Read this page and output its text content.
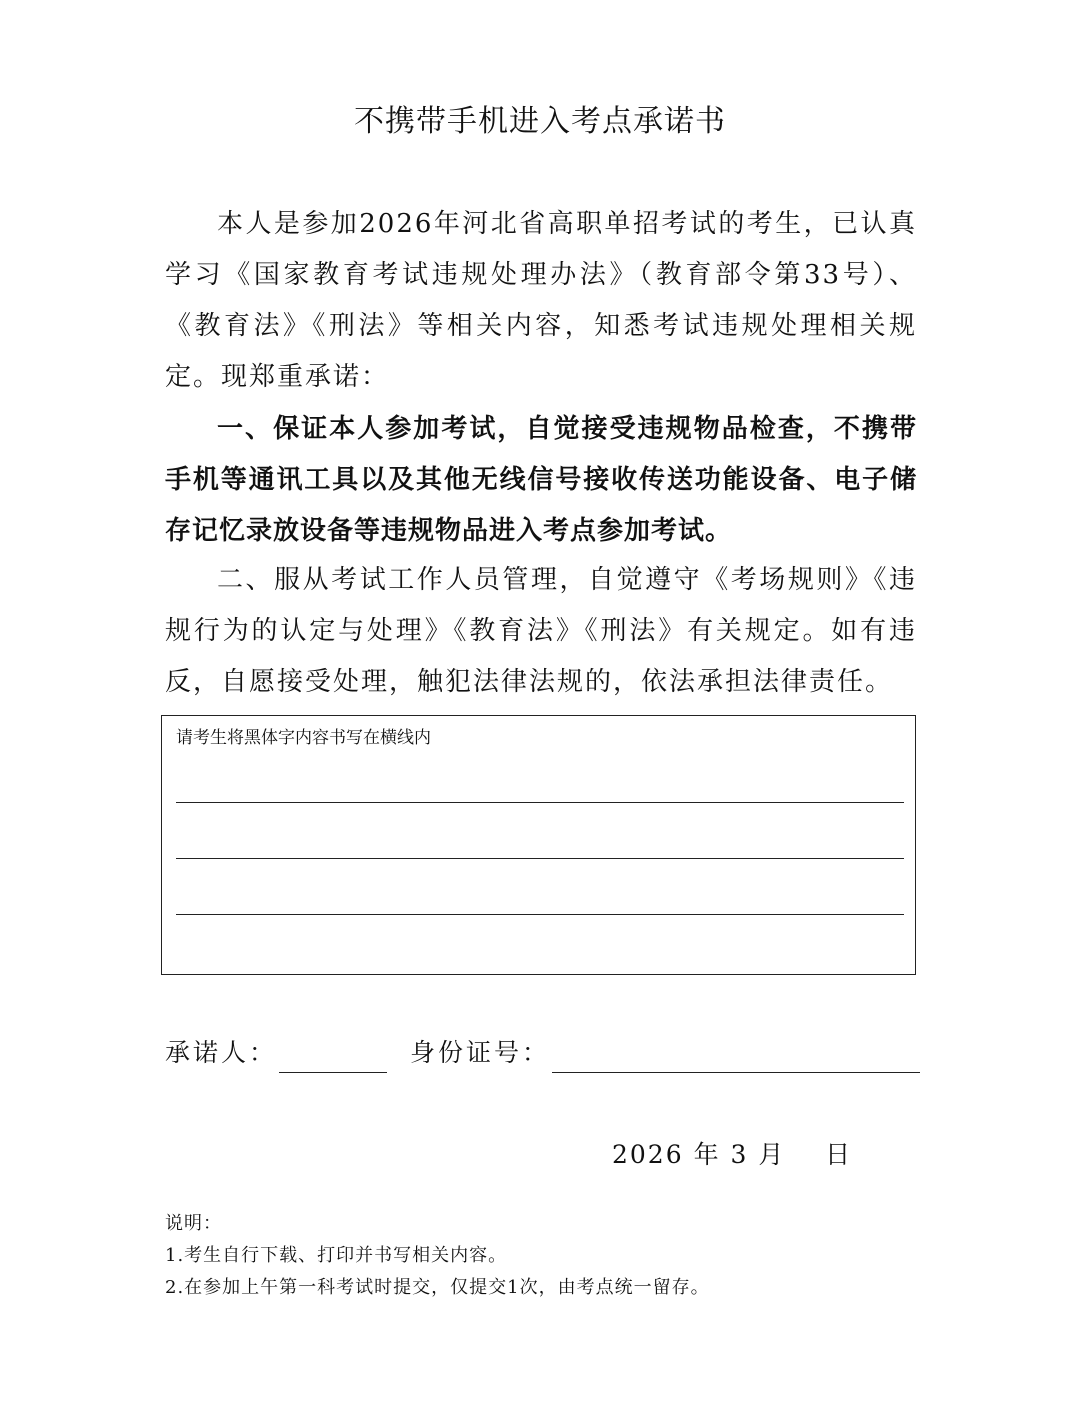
不携带手机进入考点承诺书

本人是参加2026年河北省高职单招考试的考生，已认真学习《国家教育考试违规处理办法》（教育部令第33号）、《教育法》《刑法》等相关内容，知悉考试违规处理相关规定。现郑重承诺：

一、保证本人参加考试，自觉接受违规物品检查，不携带手机等通讯工具以及其他无线信号接收传送功能设备、电子储存记忆录放设备等违规物品进入考点参加考试。

二、服从考试工作人员管理，自觉遵守《考场规则》《违规行为的认定与处理》《教育法》《刑法》有关规定。如有违反，自愿接受处理，触犯法律法规的，依法承担法律责任。

请考生将黑体字内容书写在横线内

承诺人：	身份证号：
2026 年 3 月    日
说明：
1.考生自行下载、打印并书写相关内容。
2.在参加上午第一科考试时提交，仅提交1次，由考点统一留存。
